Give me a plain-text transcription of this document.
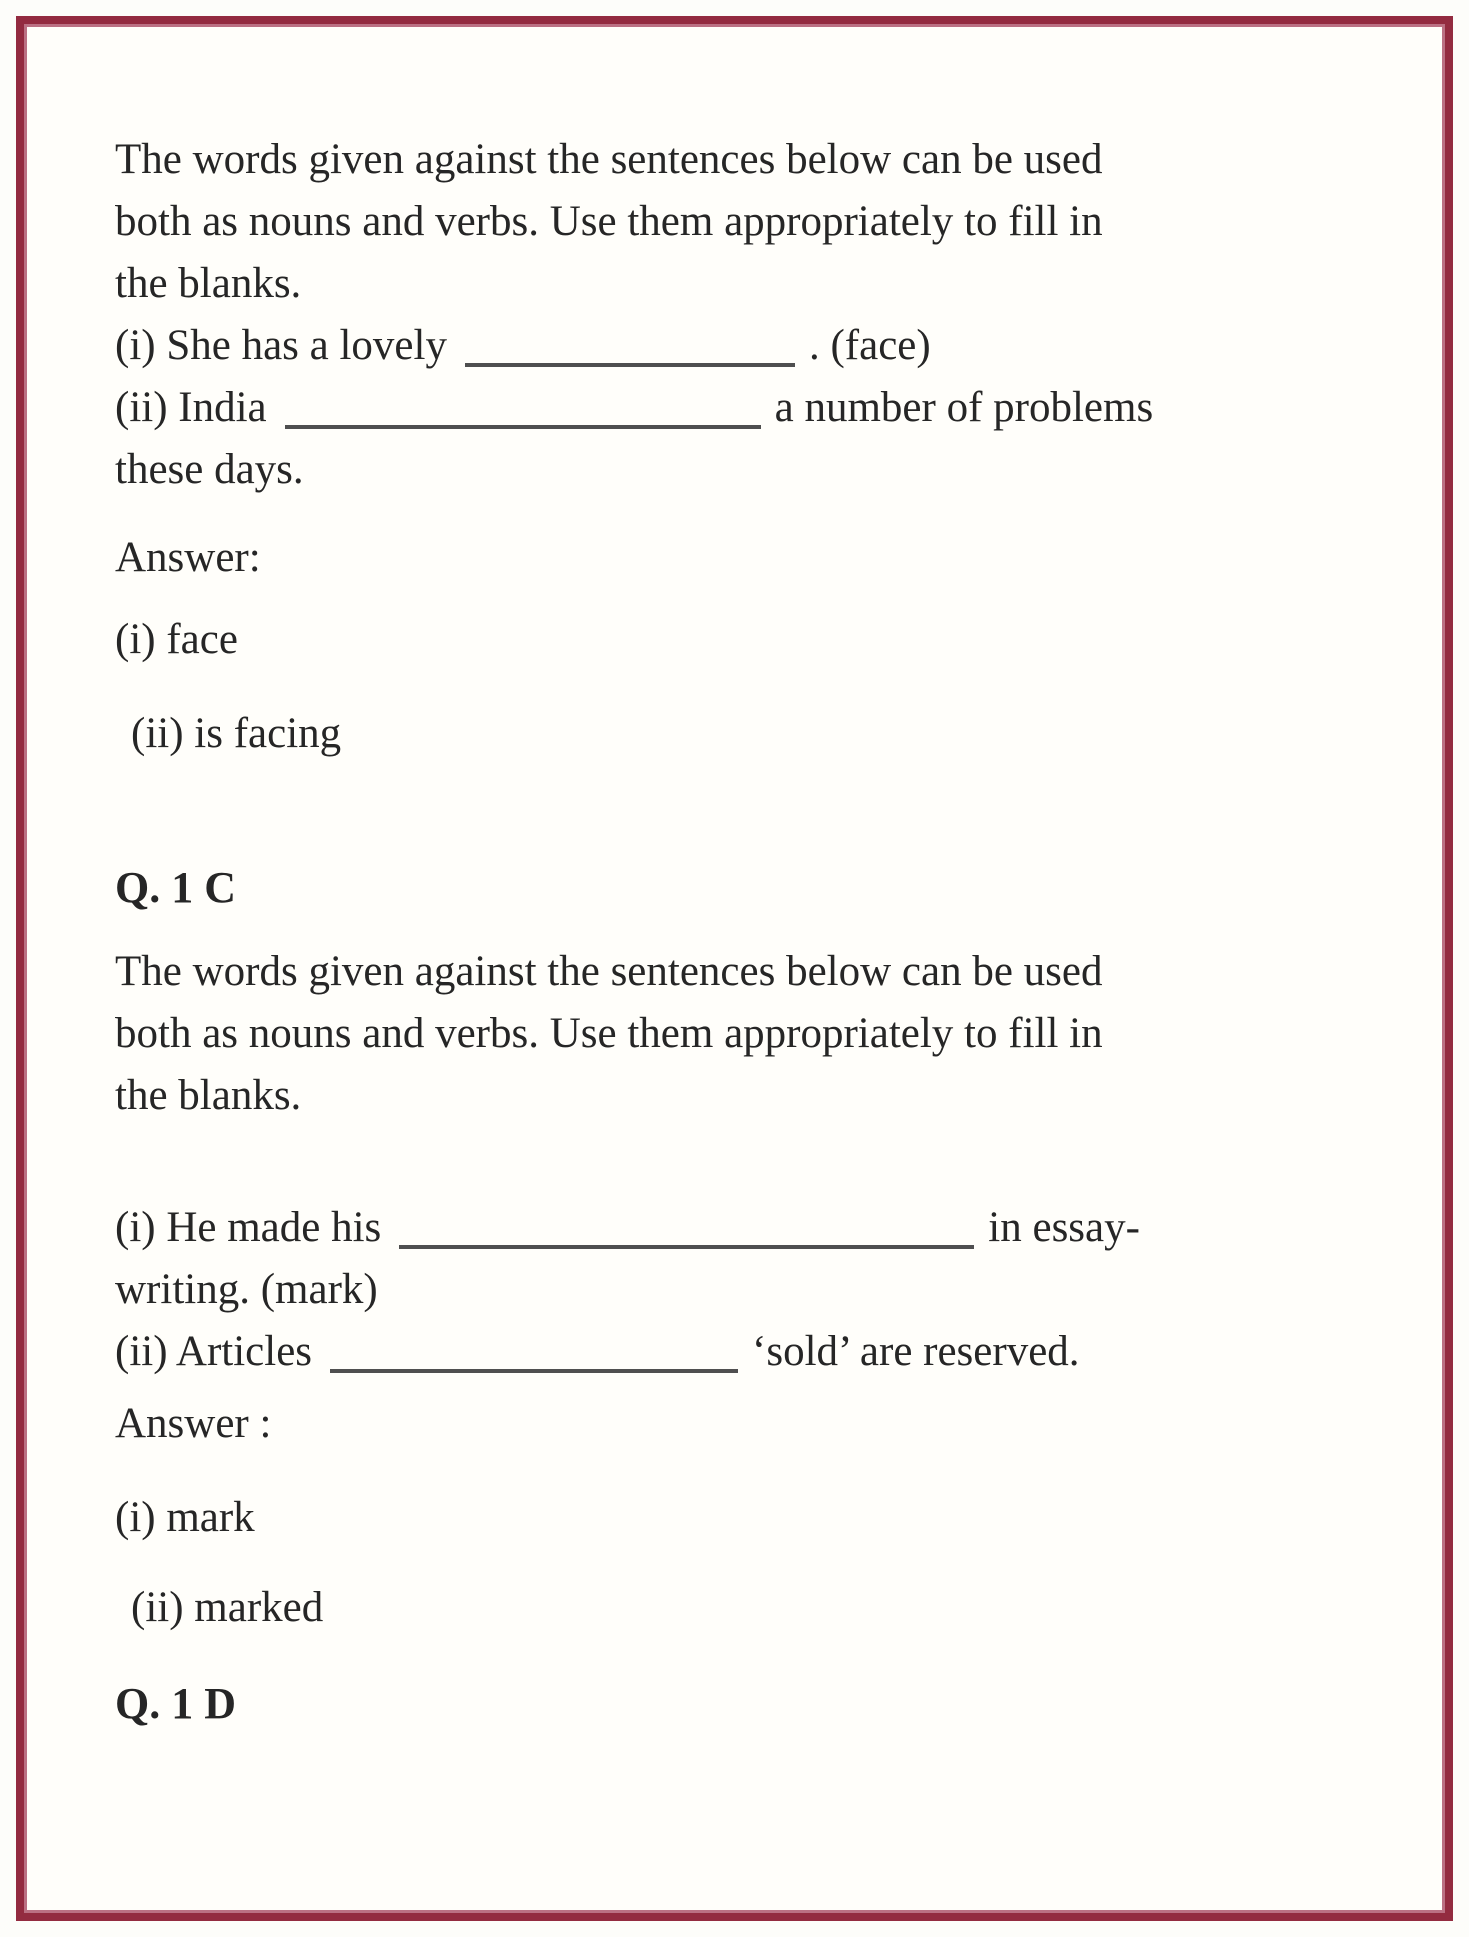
The words given against the sentences below can be used
both as nouns and verbs. Use them appropriately to fill in
the blanks.
(i) She has a lovely	. (face)
(ii) India	a number of problems
these days.
Answer:
(i) face
(ii) is facing
Q. 1 C
The words given against the sentences below can be used
both as nouns and verbs. Use them appropriately to fill in
the blanks.
(i) He made his	in essay-
writing. (mark)
(ii) Articles	‘sold’ are reserved.
Answer :
(i) mark
(ii) marked
Q. 1 D
